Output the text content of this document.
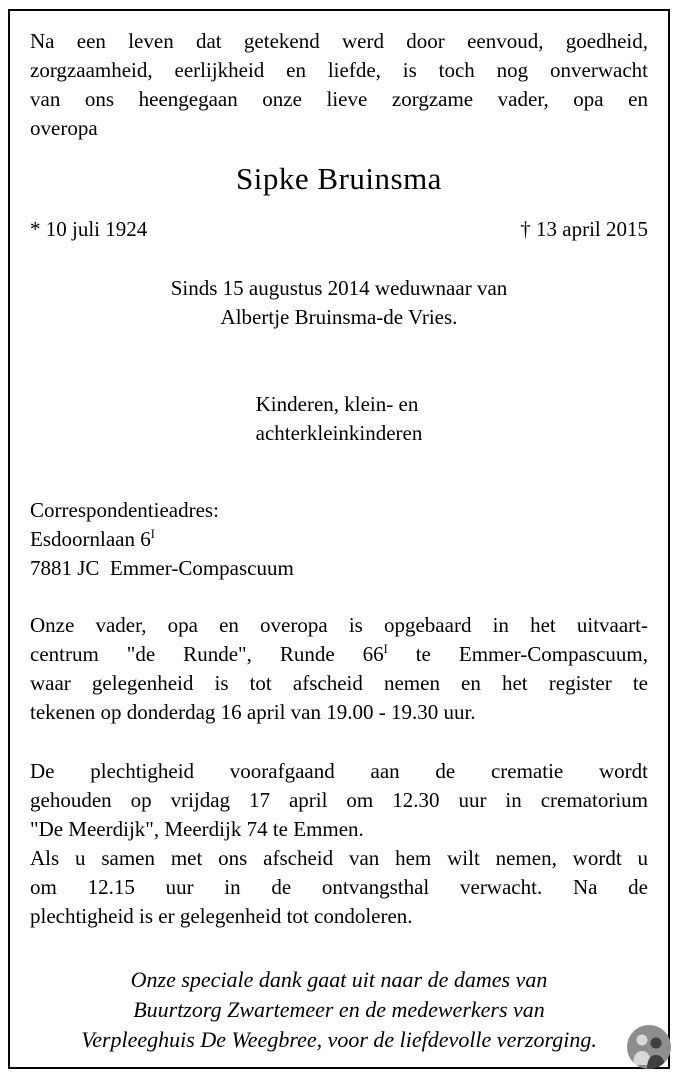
Na een leven dat getekend werd door eenvoud, goedheid,
zorgzaamheid, eerlijkheid en liefde, is toch nog onverwacht
van ons heengegaan onze lieve zorgzame vader, opa en
overopa
Sipke Bruinsma
* 10 juli 1924	† 13 april 2015
Sinds 15 augustus 2014 weduwnaar van
Albertje Bruinsma-de Vries.
Kinderen, klein- en
achterkleinkinderen
Correspondentieadres:
Esdoornlaan $6^I$
7881 JC  Emmer-Compascuum
Onze vader, opa en overopa is opgebaard in het uitvaart-
centrum "de Runde", Runde $66^I$ te Emmer-Compascuum,
waar gelegenheid is tot afscheid nemen en het register te
tekenen op donderdag 16 april van 19.00 - 19.30 uur.
De plechtigheid voorafgaand aan de crematie wordt
gehouden op vrijdag 17 april om 12.30 uur in crematorium
"De Meerdijk", Meerdijk 74 te Emmen.
Als u samen met ons afscheid van hem wilt nemen, wordt u
om 12.15 uur in de ontvangsthal verwacht. Na de
plechtigheid is er gelegenheid tot condoleren.
Onze speciale dank gaat uit naar de dames van
Buurtzorg Zwartemeer en de medewerkers van
Verpleeghuis De Weegbree, voor de liefdevolle verzorging.
